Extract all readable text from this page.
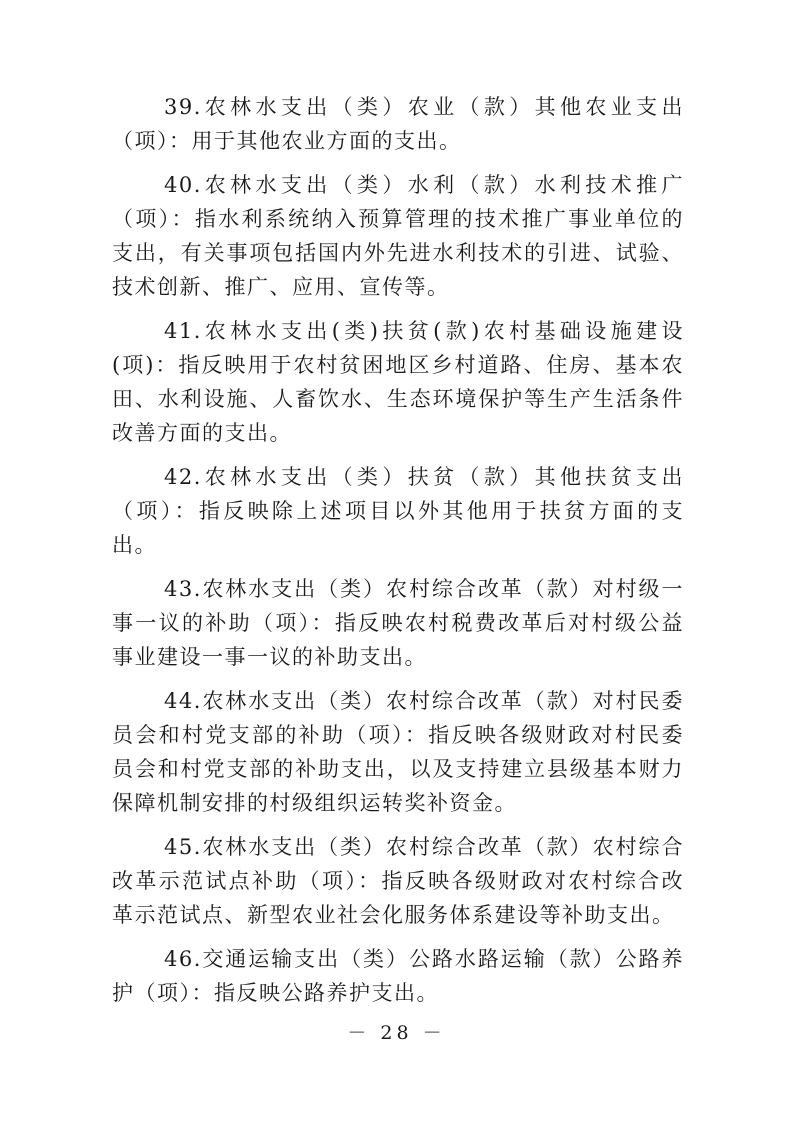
39.农林水支出（类）农业（款）其他农业支出（项）：用于其他农业方面的支出。

40.农林水支出（类）水利（款）水利技术推广（项）：指水利系统纳入预算管理的技术推广事业单位的支出，有关事项包括国内外先进水利技术的引进、试验、技术创新、推广、应用、宣传等。

41.农林水支出(类)扶贫(款)农村基础设施建设(项)：指反映用于农村贫困地区乡村道路、住房、基本农田、水利设施、人畜饮水、生态环境保护等生产生活条件改善方面的支出。

42.农林水支出（类）扶贫（款）其他扶贫支出（项）：指反映除上述项目以外其他用于扶贫方面的支出。

43.农林水支出（类）农村综合改革（款）对村级一事一议的补助（项）：指反映农村税费改革后对村级公益事业建设一事一议的补助支出。

44.农林水支出（类）农村综合改革（款）对村民委员会和村党支部的补助（项）：指反映各级财政对村民委员会和村党支部的补助支出，以及支持建立县级基本财力保障机制安排的村级组织运转奖补资金。

45.农林水支出（类）农村综合改革（款）农村综合改革示范试点补助（项）：指反映各级财政对农村综合改革示范试点、新型农业社会化服务体系建设等补助支出。

46.交通运输支出（类）公路水路运输（款）公路养护（项）：指反映公路养护支出。

－ 28 －
